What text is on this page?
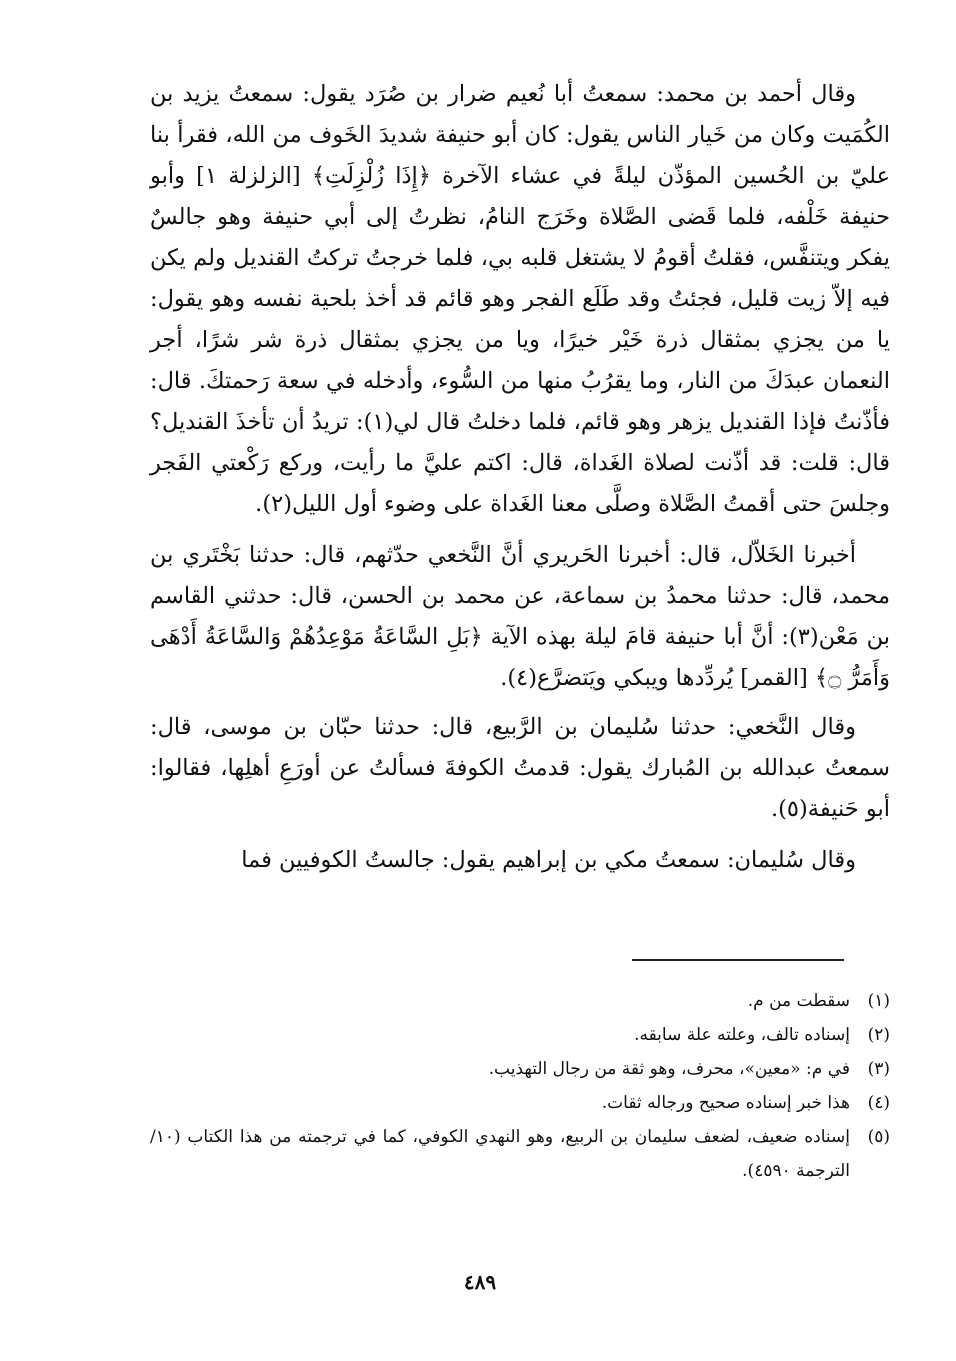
وقال أحمد بن محمد: سمعتُ أبا نُعيم ضرار بن صُرَد يقول: سمعتُ يزيد بن الكُمَيت وكان من خَيار الناس يقول: كان أبو حنيفة شديدَ الخَوف من الله، فقرأ بنا عليّ بن الحُسين المؤذّن ليلةً في عشاء الآخرة ﴿إِذَا زُلْزِلَتِ﴾ [الزلزلة ١] وأبو حنيفة خَلْفه، فلما قَضى الصَّلاة وخَرَج النامُ، نظرتُ إلى أبي حنيفة وهو جالسٌ يفكر ويتنفَّس، فقلتُ أقومُ لا يشتغل قلبه بي، فلما خرجتُ تركتُ القنديل ولم يكن فيه إلاّ زيت قليل، فجئتُ وقد طَلَع الفجر وهو قائم قد أخذ بلحية نفسه وهو يقول: يا من يجزي بمثقال ذرة خَيْر خيرًا، ويا من يجزي بمثقال ذرة شر شرًا، أجر النعمان عبدَكَ من النار، وما يقرُبُ منها من السُّوء، وأدخله في سعة رَحمتكَ. قال: فأذّنتُ فإذا القنديل يزهر وهو قائم، فلما دخلتُ قال لي(١): تريدُ أن تأخذَ القنديل؟ قال: قلت: قد أذّنت لصلاة الغَداة، قال: اكتم عليَّ ما رأيت، وركع رَكْعتي الفَجر وجلسَ حتى أقمتُ الصَّلاة وصلَّى معنا الغَداة على وضوء أول الليل(٢).

أخبرنا الخَلاّل، قال: أخبرنا الحَريري أنَّ النَّخعي حدّثهم، قال: حدثنا بَخْتَري بن محمد، قال: حدثنا محمدُ بن سماعة، عن محمد بن الحسن، قال: حدثني القاسم بن مَعْن(٣): أنَّ أبا حنيفة قامَ ليلة بهذه الآية ﴿بَلِ السَّاعَةُ مَوْعِدُهُمْ وَالسَّاعَةُ أَدْهَى وَأَمَرُّ ۝﴾ [القمر] يُردِّدها ويبكي ويَتضرَّع(٤).

وقال النَّخعي: حدثنا سُليمان بن الرَّبيع، قال: حدثنا حبّان بن موسى، قال: سمعتُ عبدالله بن المُبارك يقول: قدمتُ الكوفةَ فسألتُ عن أورَعِ أهلِها، فقالوا: أبو حَنيفة(٥).

وقال سُليمان: سمعتُ مكي بن إبراهيم يقول: جالستُ الكوفيين فما

(١)
سقطت من م.
(٢)
إسناده تالف، وعلته علة سابقه.
(٣)
في م: «معين»، محرف، وهو ثقة من رجال التهذيب.
(٤)
هذا خبر إسناده صحيح ورجاله ثقات.
(٥)
إسناده ضعيف، لضعف سليمان بن الربيع، وهو النهدي الكوفي، كما في ترجمته من هذا الكتاب (١٠/ الترجمة ٤٥٩٠).
٤٨٩
